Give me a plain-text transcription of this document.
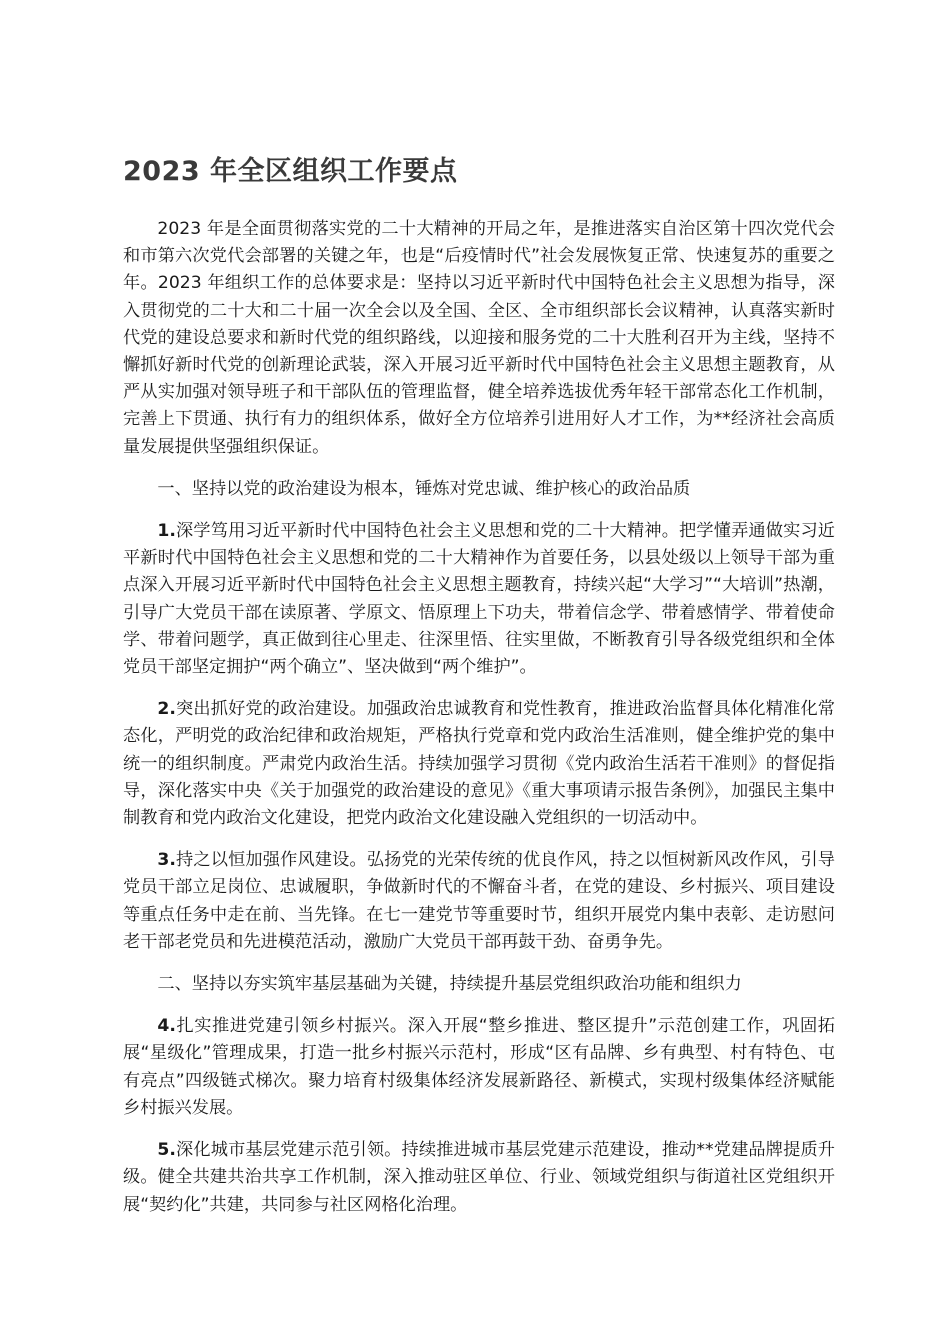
2023 年全区组织工作要点

2023 年是全面贯彻落实党的二十大精神的开局之年，是推进落实自治区第十四次党代会和市第六次党代会部署的关键之年，也是“后疫情时代”社会发展恢复正常、快速复苏的重要之年。2023 年组织工作的总体要求是：坚持以习近平新时代中国特色社会主义思想为指导，深入贯彻党的二十大和二十届一次全会以及全国、全区、全市组织部长会议精神，认真落实新时代党的建设总要求和新时代党的组织路线，以迎接和服务党的二十大胜利召开为主线，坚持不懈抓好新时代党的创新理论武装，深入开展习近平新时代中国特色社会主义思想主题教育，从严从实加强对领导班子和干部队伍的管理监督，健全培养选拔优秀年轻干部常态化工作机制，完善上下贯通、执行有力的组织体系，做好全方位培养引进用好人才工作，为**经济社会高质量发展提供坚强组织保证。

一、坚持以党的政治建设为根本，锤炼对党忠诚、维护核心的政治品质

1.深学笃用习近平新时代中国特色社会主义思想和党的二十大精神。把学懂弄通做实习近平新时代中国特色社会主义思想和党的二十大精神作为首要任务，以县处级以上领导干部为重点深入开展习近平新时代中国特色社会主义思想主题教育，持续兴起“大学习”“大培训”热潮，引导广大党员干部在读原著、学原文、悟原理上下功夫，带着信念学、带着感情学、带着使命学、带着问题学，真正做到往心里走、往深里悟、往实里做，不断教育引导各级党组织和全体党员干部坚定拥护“两个确立”、坚决做到“两个维护”。

2.突出抓好党的政治建设。加强政治忠诚教育和党性教育，推进政治监督具体化精准化常态化，严明党的政治纪律和政治规矩，严格执行党章和党内政治生活准则，健全维护党的集中统一的组织制度。严肃党内政治生活。持续加强学习贯彻《党内政治生活若干准则》的督促指导，深化落实中央《关于加强党的政治建设的意见》《重大事项请示报告条例》，加强民主集中制教育和党内政治文化建设，把党内政治文化建设融入党组织的一切活动中。

3.持之以恒加强作风建设。弘扬党的光荣传统的优良作风，持之以恒树新风改作风，引导党员干部立足岗位、忠诚履职，争做新时代的不懈奋斗者，在党的建设、乡村振兴、项目建设等重点任务中走在前、当先锋。在七一建党节等重要时节，组织开展党内集中表彰、走访慰问老干部老党员和先进模范活动，激励广大党员干部再鼓干劲、奋勇争先。

二、坚持以夯实筑牢基层基础为关键，持续提升基层党组织政治功能和组织力

4.扎实推进党建引领乡村振兴。深入开展“整乡推进、整区提升”示范创建工作，巩固拓展“星级化”管理成果，打造一批乡村振兴示范村，形成“区有品牌、乡有典型、村有特色、屯有亮点”四级链式梯次。聚力培育村级集体经济发展新路径、新模式，实现村级集体经济赋能乡村振兴发展。

5.深化城市基层党建示范引领。持续推进城市基层党建示范建设，推动**党建品牌提质升级。健全共建共治共享工作机制，深入推动驻区单位、行业、领域党组织与街道社区党组织开展“契约化”共建，共同参与社区网格化治理。
